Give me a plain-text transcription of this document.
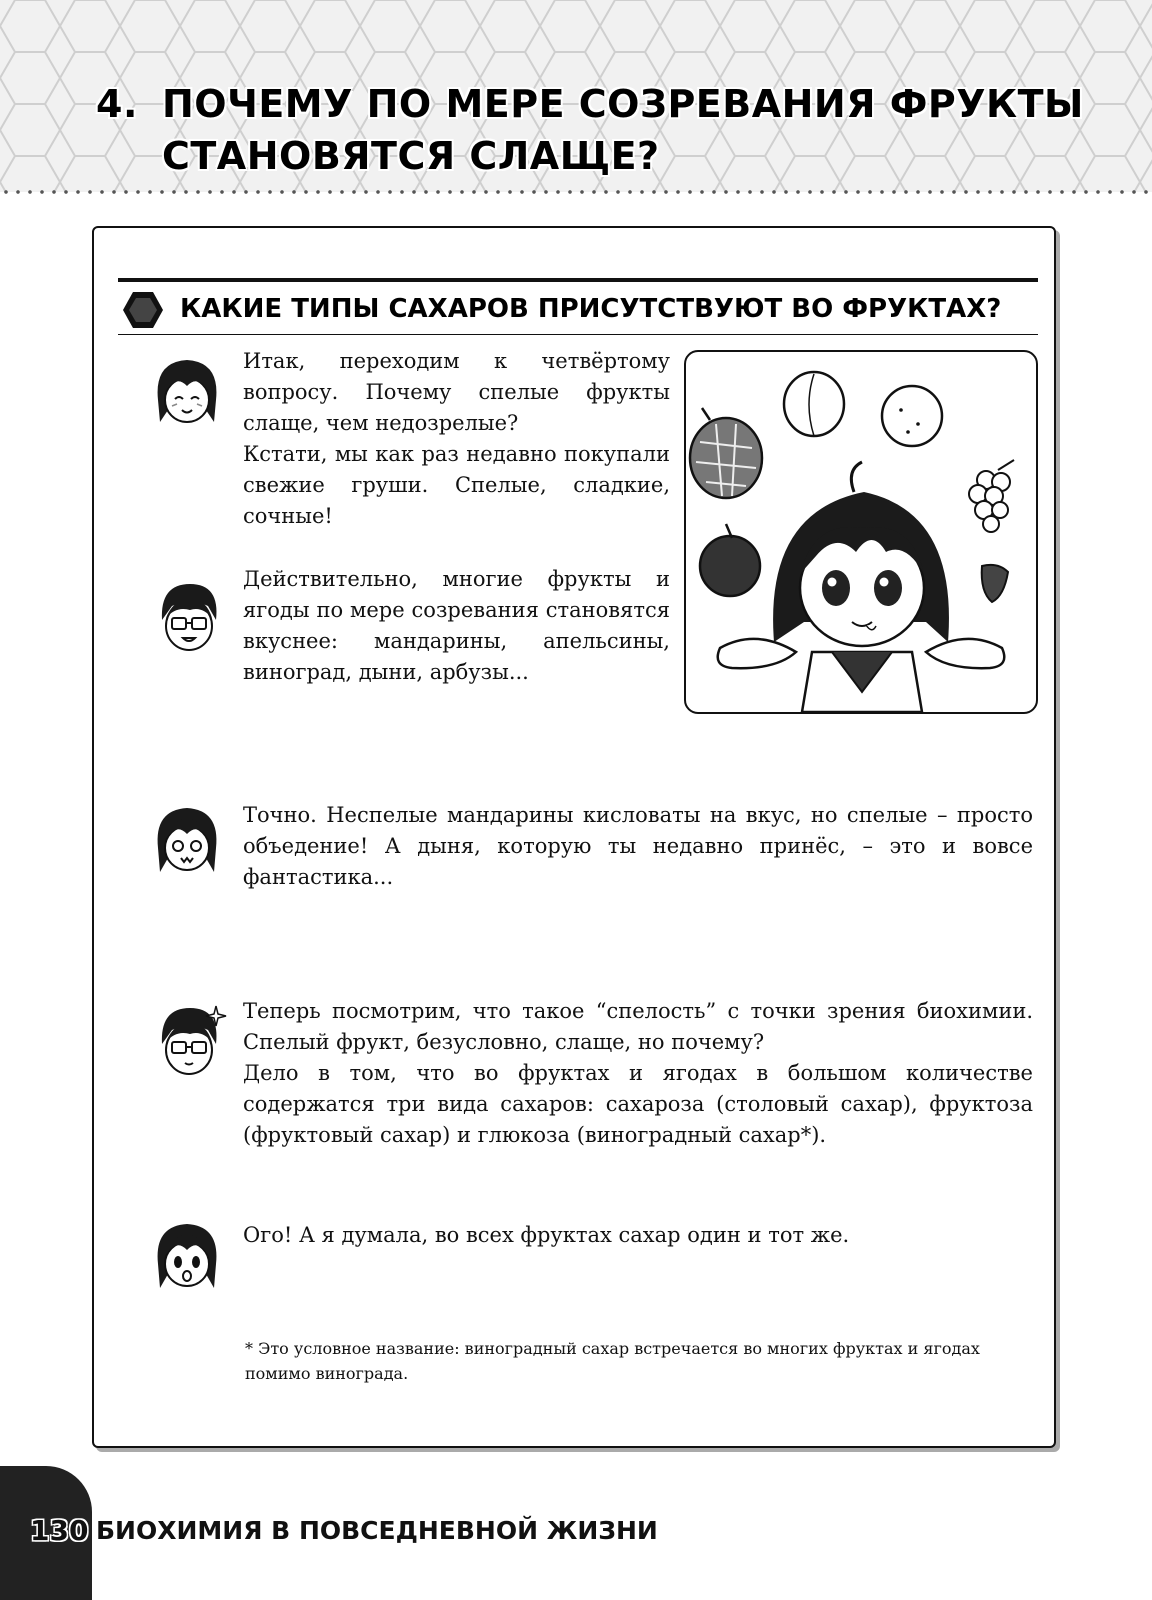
4. ПОЧЕМУ ПО МЕРЕ СОЗРЕВАНИЯ ФРУКТЫ
СТАНОВЯТСЯ СЛАЩЕ?
КАКИЕ ТИПЫ САХАРОВ ПРИСУТСТВУЮТ ВО ФРУКТАХ?

Итак, переходим к четвёртому вопросу. Почему спелые фрукты слаще, чем недозрелые?

Кстати, мы как раз недавно покупали свежие груши. Спелые, сладкие, сочные!

Действительно, многие фрукты и ягоды по мере созревания становятся вкуснее: мандарины, апельсины, виноград, дыни, арбузы...

Точно. Неспелые мандарины кисловаты на вкус, но спелые – просто объедение! А дыня, которую ты недавно принёс, – это и вовсе фантастика...

Теперь посмотрим, что такое “спелость” с точки зрения биохимии. Спелый фрукт, безусловно, слаще, но почему?

Дело в том, что во фруктах и ягодах в большом количестве содержатся три вида сахаров: сахароза (столовый сахар), фруктоза (фруктовый сахар) и глюкоза (виноградный сахар*).

Ого! А я думала, во всех фруктах сахар один и тот же.

* Это условное название: виноградный сахар встречается во многих фруктах и ягодах помимо винограда.

130 БИОХИМИЯ В ПОВСЕДНЕВНОЙ ЖИЗНИ
